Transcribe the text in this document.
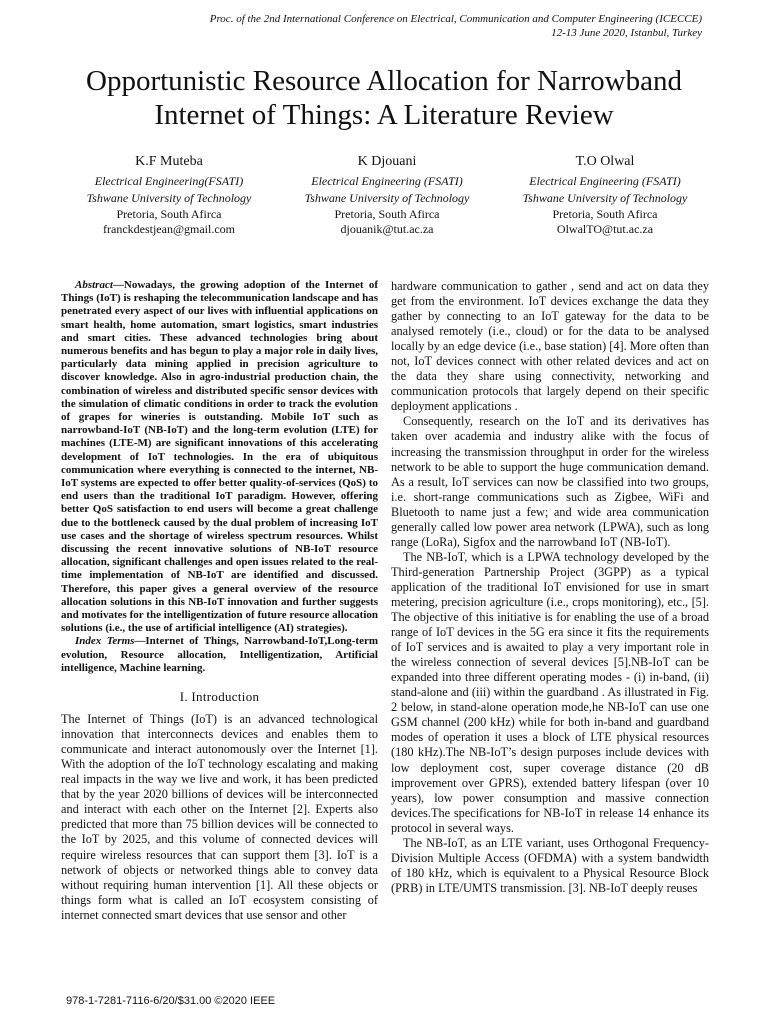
Proc. of the 2nd International Conference on Electrical, Communication and Computer Engineering (ICECCE)
12-13 June 2020, Istanbul, Turkey
Opportunistic Resource Allocation for Narrowband
Internet of Things: A Literature Review
K.F Muteba
Electrical Engineering(FSATI)
Tshwane University of Technology
Pretoria, South Afirca
franckdestjean@gmail.com
K Djouani
Electrical Engineering (FSATI)
Tshwane University of Technology
Pretoria, South Afirca
djouanik@tut.ac.za
T.O Olwal
Electrical Engineering (FSATI)
Tshwane University of Technology
Pretoria, South Afirca
OlwalTO@tut.ac.za

Abstract—Nowadays, the growing adoption of the Internet of Things (IoT) is reshaping the telecommunication landscape and has penetrated every aspect of our lives with influential applications on smart health, home automation, smart logistics, smart industries and smart cities. These advanced technologies bring about numerous benefits and has begun to play a major role in daily lives, particularly data mining applied in precision agriculture to discover knowledge. Also in agro-industrial production chain, the combination of wireless and distributed specific sensor devices with the simulation of climatic conditions in order to track the evolution of grapes for wineries is outstanding. Mobile IoT such as narrowband-IoT (NB-IoT) and the long-term evolution (LTE) for machines (LTE-M) are significant innovations of this accelerating development of IoT technologies. In the era of ubiquitous communication where everything is connected to the internet, NB-IoT systems are expected to offer better quality-of-services (QoS) to end users than the traditional IoT paradigm. However, offering better QoS satisfaction to end users will become a great challenge due to the bottleneck caused by the dual problem of increasing IoT use cases and the shortage of wireless spectrum resources. Whilst discussing the recent innovative solutions of NB-IoT resource allocation, significant challenges and open issues related to the real-time implementation of NB-IoT are identified and discussed. Therefore, this paper gives a general overview of the resource allocation solutions in this NB-IoT innovation and further suggests and motivates for the intelligentization of future resource allocation solutions (i.e., the use of artificial intelligence (AI) strategies).

Index Terms—Internet of Things, Narrowband-IoT,Long-term evolution, Resource allocation, Intelligentization, Artificial intelligence, Machine learning.

I. Introduction

The Internet of Things (IoT) is an advanced technological innovation that interconnects devices and enables them to communicate and interact autonomously over the Internet [1]. With the adoption of the IoT technology escalating and making real impacts in the way we live and work, it has been predicted that by the year 2020 billions of devices will be interconnected and interact with each other on the Internet [2]. Experts also predicted that more than 75 billion devices will be connected to the IoT by 2025, and this volume of connected devices will require wireless resources that can support them [3]. IoT is a network of objects or networked things able to convey data without requiring human intervention [1]. All these objects or things form what is called an IoT ecosystem consisting of internet connected smart devices that use sensor and other

hardware communication to gather , send and act on data they get from the environment. IoT devices exchange the data they gather by connecting to an IoT gateway for the data to be analysed remotely (i.e., cloud) or for the data to be analysed locally by an edge device (i.e., base station) [4]. More often than not, IoT devices connect with other related devices and act on the data they share using connectivity, networking and communication protocols that largely depend on their specific deployment applications .

Consequently, research on the IoT and its derivatives has taken over academia and industry alike with the focus of increasing the transmission throughput in order for the wireless network to be able to support the huge communication demand. As a result, IoT services can now be classified into two groups, i.e. short-range communications such as Zigbee, WiFi and Bluetooth to name just a few; and wide area communication generally called low power area network (LPWA), such as long range (LoRa), Sigfox and the narrowband IoT (NB-IoT).

The NB-IoT, which is a LPWA technology developed by the Third-generation Partnership Project (3GPP) as a typical application of the traditional IoT envisioned for use in smart metering, precision agriculture (i.e., crops monitoring), etc., [5]. The objective of this initiative is for enabling the use of a broad range of IoT devices in the 5G era since it fits the requirements of IoT services and is awaited to play a very important role in the wireless connection of several devices [5].NB-IoT can be expanded into three different operating modes - (i) in-band, (ii) stand-alone and (iii) within the guardband . As illustrated in Fig. 2 below, in stand-alone operation mode,he NB-IoT can use one GSM channel (200 kHz) while for both in-band and guardband modes of operation it uses a block of LTE physical resources (180 kHz).The NB-IoT’s design purposes include devices with low deployment cost, super coverage distance (20 dB improvement over GPRS), extended battery lifespan (over 10 years), low power consumption and massive connection devices.The specifications for NB-IoT in release 14 enhance its protocol in several ways.

The NB-IoT, as an LTE variant, uses Orthogonal Frequency-Division Multiple Access (OFDMA) with a system bandwidth of 180 kHz, which is equivalent to a Physical Resource Block (PRB) in LTE/UMTS transmission. [3]. NB-IoT deeply reuses

978-1-7281-7116-6/20/$31.00 ©2020 IEEE
